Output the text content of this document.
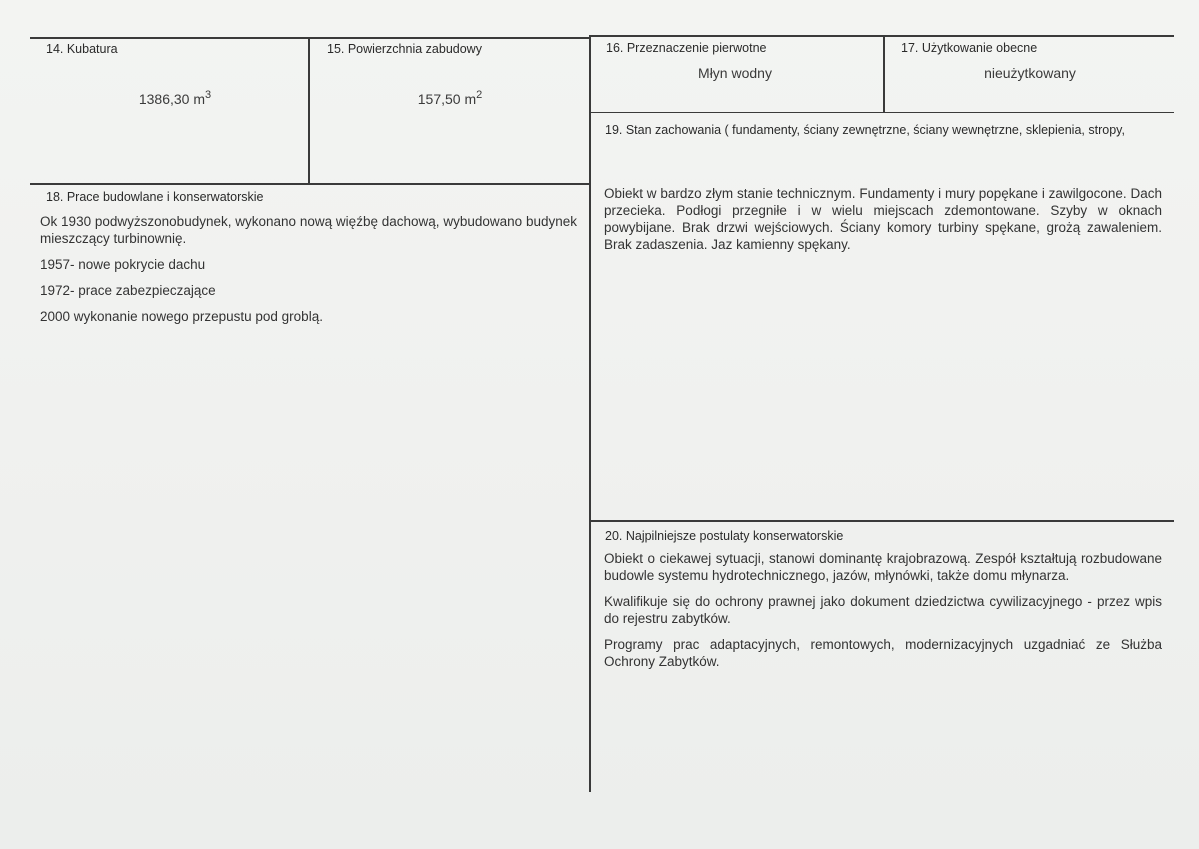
14. Kubatura
1386,30 $m^3$
15. Powierzchnia zabudowy
157,50 $m^2$
16. Przeznaczenie pierwotne
Młyn wodny
17. Użytkowanie obecne
nieużytkowany
19. Stan zachowania ( fundamenty, ściany zewnętrzne, ściany wewnętrzne, sklepienia, stropy,

Obiekt w bardzo złym stanie technicznym. Fundamenty i mury popękane i zawilgocone. Dach przecieka. Podłogi przegniłe i w wielu miejscach zdemontowane. Szyby w oknach powybijane. Brak drzwi wejściowych. Ściany komory turbiny spękane, grożą zawaleniem. Brak zadaszenia. Jaz kamienny spękany.

18. Prace budowlane i konserwatorskie

Ok 1930 podwyższonobudynek, wykonano nową więźbę dachową, wybudowano budynek mieszczący turbinownię.

1957- nowe pokrycie dachu

1972- prace zabezpieczające

2000 wykonanie nowego przepustu pod groblą.

20. Najpilniejsze postulaty konserwatorskie

Obiekt o ciekawej sytuacji, stanowi dominantę krajobrazową. Zespół kształtują rozbudowane budowle systemu hydrotechnicznego, jazów, młynówki, także domu młynarza.

Kwalifikuje się do ochrony prawnej jako dokument dziedzictwa cywilizacyjnego - przez wpis do rejestru zabytków.

Programy prac adaptacyjnych, remontowych, modernizacyjnych uzgadniać ze Służba Ochrony Zabytków.
